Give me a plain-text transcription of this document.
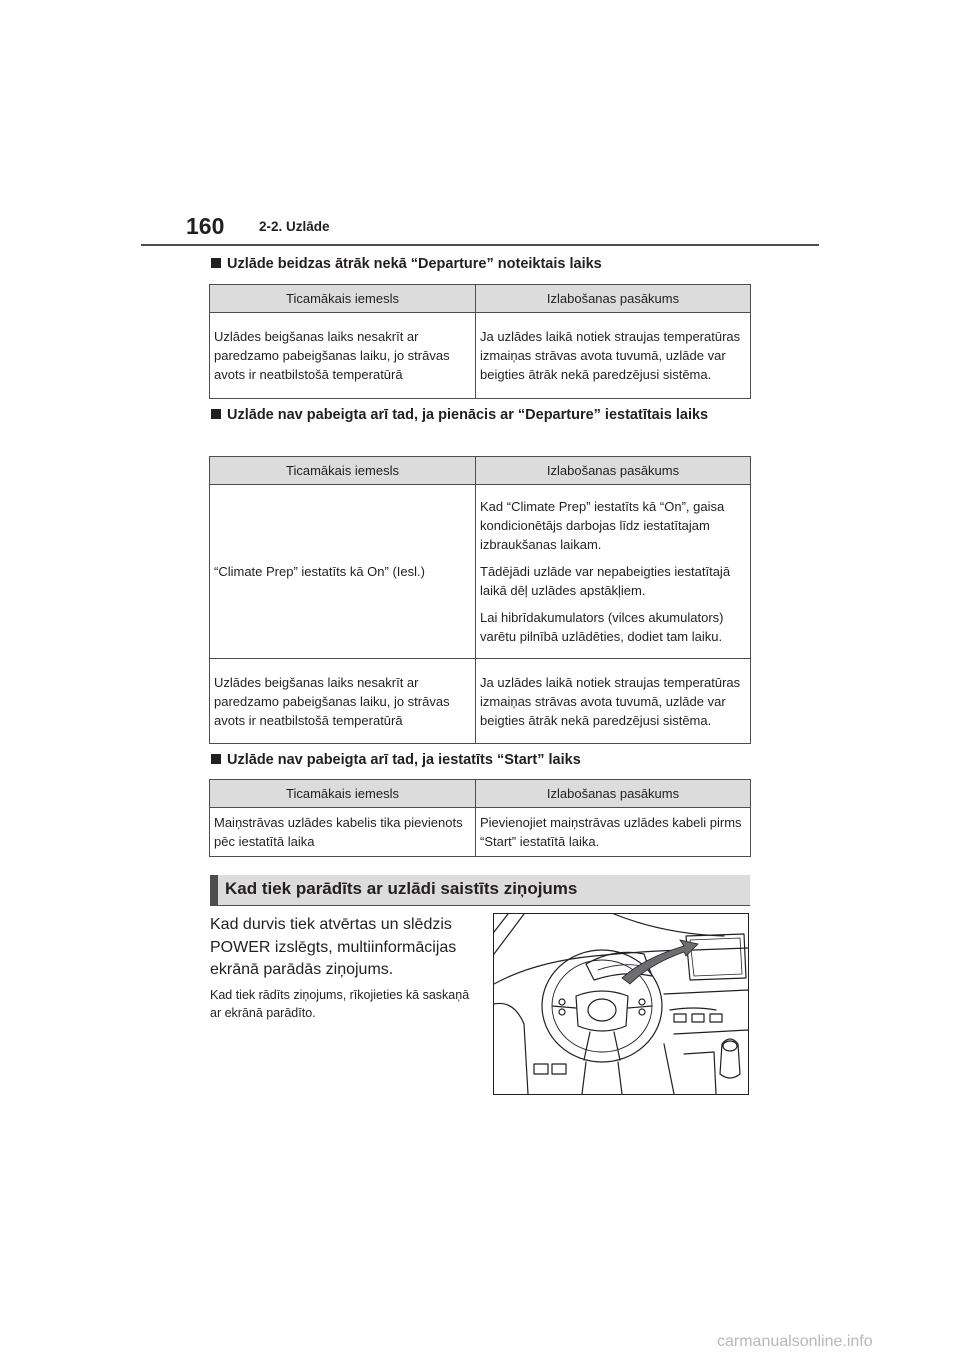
160	2-2. Uzlāde
Uzlāde beidzas ātrāk nekā “Departure” noteiktais laiks
Ticamākais iemesls	Izlabošanas pasākums
Uzlādes beigšanas laiks nesakrīt ar paredzamo pabeigšanas laiku, jo strāvas avots ir neatbilstošā temperatūrā	Ja uzlādes laikā notiek straujas temperatūras izmaiņas strāvas avota tuvumā, uzlāde var beigties ātrāk nekā paredzējusi sistēma.
Uzlāde nav pabeigta arī tad, ja pienācis ar “Departure” iestatītais laiks
Ticamākais iemesls	Izlabošanas pasākums
“Climate Prep” iestatīts kā On” (Iesl.)	Kad “Climate Prep” iestatīts kā “On”, gaisa kondicionētājs darbojas līdz iestatītajam izbraukšanas laikam.
Tādējādi uzlāde var nepabeigties iestatītajā laikā dēļ uzlādes apstākļiem.
Lai hibrīdakumulators (vilces akumulators) varētu pilnībā uzlādēties, dodiet tam laiku.

Uzlādes beigšanas laiks nesakrīt ar paredzamo pabeigšanas laiku, jo strāvas avots ir neatbilstošā temperatūrā	Ja uzlādes laikā notiek straujas temperatūras izmaiņas strāvas avota tuvumā, uzlāde var beigties ātrāk nekā paredzējusi sistēma.
Uzlāde nav pabeigta arī tad, ja iestatīts “Start” laiks
Ticamākais iemesls	Izlabošanas pasākums
Maiņstrāvas uzlādes kabelis tika pievienots pēc iestatītā laika	Pievienojiet maiņstrāvas uzlādes kabeli pirms “Start” iestatītā laika.
Kad tiek parādīts ar uzlādi saistīts ziņojums
Kad durvis tiek atvērtas un slēdzis POWER izslēgts, multiinformācijas ekrānā parādās ziņojums.
Kad tiek rādīts ziņojums, rīkojieties kā saskaņā ar ekrānā parādīto.
carmanualsonline.info
